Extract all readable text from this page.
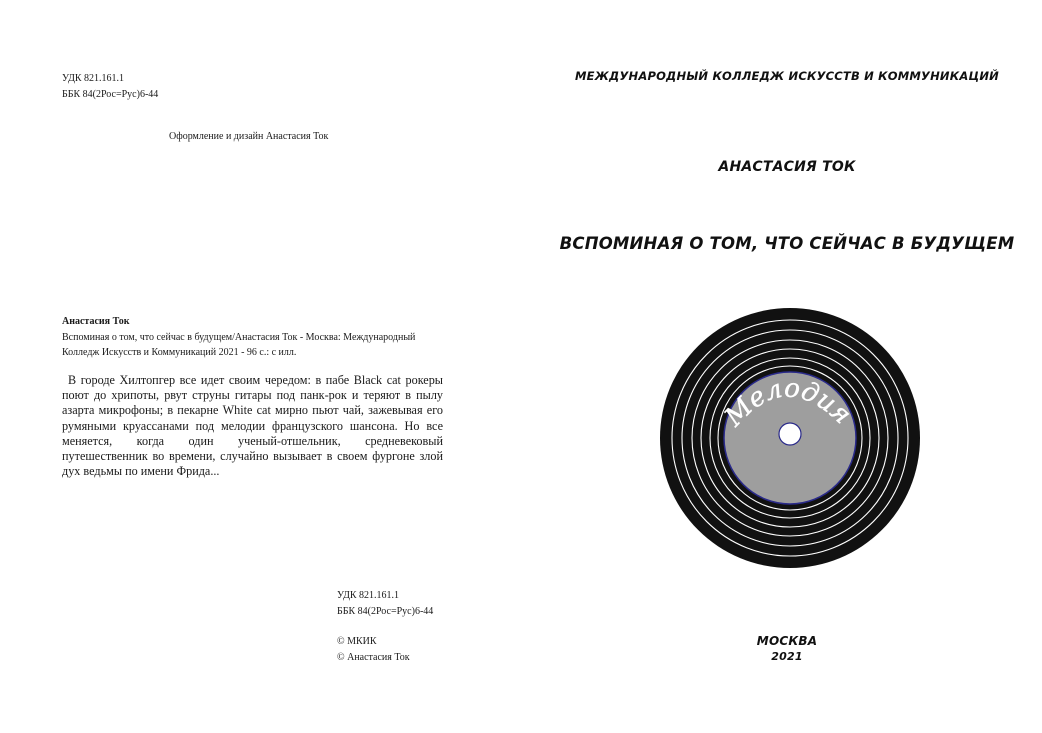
УДК 821.161.1
ББК 84(2Рос=Рус)6-44
Оформление и дизайн Анастасия Ток
Анастасия Ток
Вспоминая о том, что сейчас в будущем/Анастасия Ток - Москва: Международный
Колледж Искусств и Коммуникаций 2021 - 96 с.: с илл.
В городе Хилтопгер все идет своим чередом: в пабе Black cat рокеры поют до хрипоты, рвут струны гитары под панк-рок и теряют в пылу азарта микрофоны; в пекарне White cat мирно пьют чай, зажевывая его румяными круассанами под мелодии французского шансона. Но все меняется, когда один ученый-отшельник, средневековый путешественник во времени, случайно вызывает в своем фургоне злой дух ведьмы по имени Фрида...
УДК 821.161.1
ББК 84(2Рос=Рус)6-44
© МКИК
© Анастасия Ток
МЕЖДУНАРОДНЫЙ КОЛЛЕДЖ ИСКУССТВ И КОММУНИКАЦИЙ
АНАСТАСИЯ ТОК
ВСПОМИНАЯ О ТОМ, ЧТО СЕЙЧАС В БУДУЩЕМ
Мелодия
МОСКВА
2021
